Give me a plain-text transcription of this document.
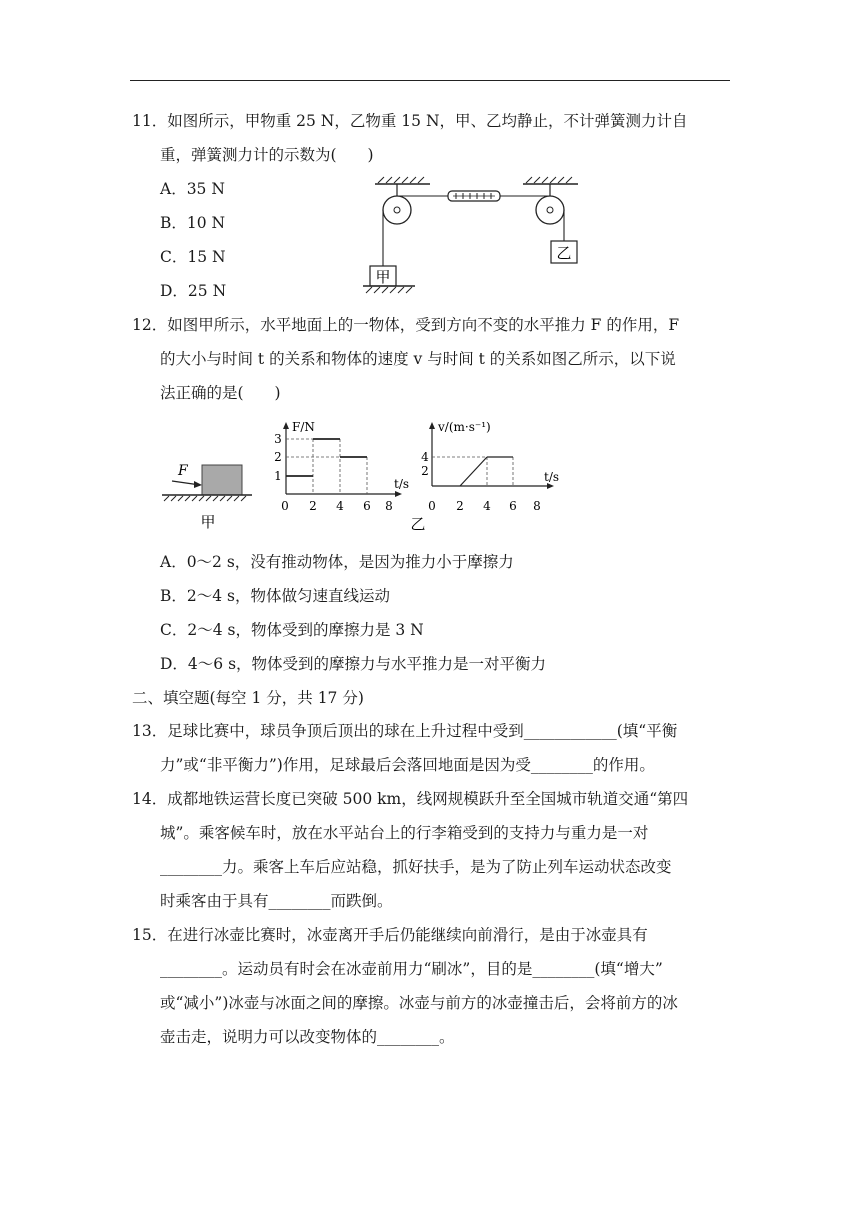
11．如图所示，甲物重 25 N，乙物重 15 N，甲、乙均静止，不计弹簧测力计自
重，弹簧测力计的示数为(　　)
A．35 N
B．10 N
C．15 N
D．25 N
乙
甲
12．如图甲所示，水平地面上的一物体，受到方向不变的水平推力 F 的作用，F
的大小与时间 t 的关系和物体的速度 v 与时间 t 的关系如图乙所示，以下说
法正确的是(　　)
F
甲
F/N
t/s
1
2
3
0 2 4 6 8
v/(m·s⁻¹)
t/s
2
4
0 2 4 6 8
乙
A．0～2 s，没有推动物体，是因为推力小于摩擦力
B．2～4 s，物体做匀速直线运动
C．2～4 s，物体受到的摩擦力是 3 N
D．4～6 s，物体受到的摩擦力与水平推力是一对平衡力
二、填空题(每空 1 分，共 17 分)
13．足球比赛中，球员争顶后顶出的球在上升过程中受到____________(填“平衡
力”或“非平衡力”)作用，足球最后会落回地面是因为受________的作用。
14．成都地铁运营长度已突破 500 km，线网规模跃升至全国城市轨道交通“第四
城”。乘客候车时，放在水平站台上的行李箱受到的支持力与重力是一对
________力。乘客上车后应站稳，抓好扶手，是为了防止列车运动状态改变
时乘客由于具有________而跌倒。
15．在进行冰壶比赛时，冰壶离开手后仍能继续向前滑行，是由于冰壶具有
________。运动员有时会在冰壶前用力“刷冰”，目的是________(填“增大”
或“减小”)冰壶与冰面之间的摩擦。冰壶与前方的冰壶撞击后，会将前方的冰
壶击走，说明力可以改变物体的________。
